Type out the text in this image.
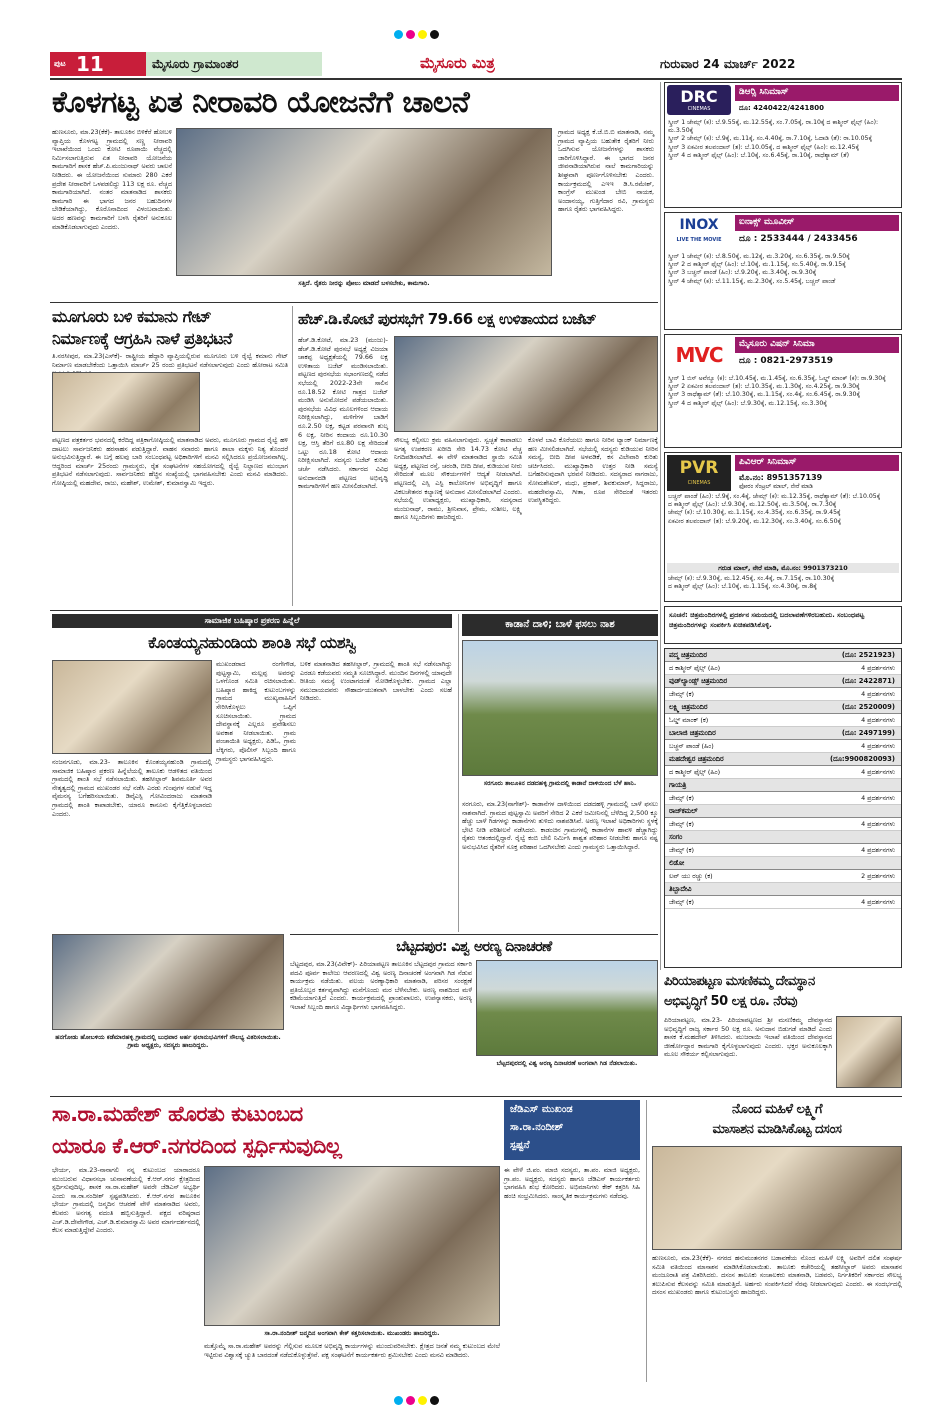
ಪುಟ 11	ಮೈಸೂರು ಗ್ರಾಮಾಂತರ	ಮೈಸೂರು ಮಿತ್ರ	ಗುರುವಾರ 24 ಮಾರ್ಚ್ 2022
ಕೊಳಗಟ್ಟ ಏತ ನೀರಾವರಿ ಯೋಜನೆಗೆ ಚಾಲನೆ
ಹುಣಸೂರು, ಮಾ.23(ಕೆಕೆ)- ತಾಲೂಕಿನ ಬಿಳಿಕೆರೆ ಹೋಬಳಿ ವ್ಯಾಪ್ತಿಯ ಕೊಳಗಟ್ಟ ಗ್ರಾಮದಲ್ಲಿ ಸಣ್ಣ ನೀರಾವರಿ ಇಲಾಖೆಯಿಂದ ಒಂದು ಕೋಟಿ ರೂಪಾಯಿ ವೆಚ್ಚದಲ್ಲಿ ನಿರ್ಮಿಸಲಾಗುತ್ತಿರುವ ಏತ ನೀರಾವರಿ ಯೋಜನೆಯ ಕಾಮಗಾರಿಗೆ ಶಾಸಕ ಹೆಚ್.ಪಿ.ಮಂಜುನಾಥ್ ಅವರು ಚಾಲನೆ ನೀಡಿದರು. ಈ ಯೋಜನೆಯಿಂದ ಸುಮಾರು 280 ಎಕರೆ ಪ್ರದೇಶ ನೀರಾವರಿಗೆ ಒಳಪಡಲಿದ್ದು 113 ಲಕ್ಷ ರೂ. ವೆಚ್ಚದ ಕಾಮಗಾರಿಯಾಗಿದೆ. ನಂತರ ಮಾತನಾಡಿದ ಶಾಸಕರು ಕಾಮಗಾರಿ ಈ ಭಾಗದ ಜನರ ಬಹುದಿನಗಳ ಬೇಡಿಕೆಯಾಗಿದ್ದು, ಕೊರೊನಾದಿಂದ ವಿಳಂಬವಾಯಿತು. ಅದರ ಹಣವನ್ನು ಕಾಮಗಾರಿಗೆ ಬಳಸಿ ರೈತರಿಗೆ ಅನುಕೂಲ ಮಾಡಿಕೊಡಲಾಗುವುದು ಎಂದರು.
ಸತ್ತಿದೆ. ರೈತರು ನೀರನ್ನು ಪೋಲು ಮಾಡದೆ ಬಳಸಬೇಕು, ಕಾಮಗಾರಿ.
ಗ್ರಾಮದ ಅಧ್ಯಕ್ಷ ಕೆ.ಜೆ.ಬಿ.ಬಿ ಮಾತನಾಡಿ, ನಮ್ಮ ಗ್ರಾಮದ ವ್ಯಾಪ್ತಿಯ ಬಹುತೇಕ ರೈತರಿಗೆ ನೀರು ಒದಗಿಸುವ ಯೋಜನೆಗಳನ್ನು ಶಾಸಕರು ಜಾರಿಗೊಳಿಸಿದ್ದಾರೆ. ಈ ಭಾಗದ ಜನರ ಜೀವನಾಡಿಯಾಗಿರುವ ನಾಲೆ ಕಾಮಗಾರಿಯನ್ನು ಶೀಘ್ರವಾಗಿ ಪೂರ್ಣಗೊಳಿಸಬೇಕು ಎಂದರು. ಕಾರ್ಯಕ್ರಮದಲ್ಲಿ ಎಇಇ ಡಿ.ಸಿ.ರಮೇಶ್, ಕಾಂಗ್ರೆಸ್ ಮುಖಂಡ ಬೇಬಿ ನಾಯಕ, ಅಂದಾನಯ್ಯ, ಗುತ್ತಿಗೆದಾರ ರವಿ, ಗ್ರಾಮಸ್ಥರು ಹಾಗೂ ರೈತರು ಭಾಗವಹಿಸಿದ್ದರು.
ಮೂಗೂರು ಬಳಿ ಕಮಾನು ಗೇಟ್
ನಿರ್ಮಾಣಕ್ಕೆ ಆಗ್ರಹಿಸಿ ನಾಳೆ ಪ್ರತಿಭಟನೆ
ತಿ.ನರಸೀಪುರ, ಮಾ.23(ಎಸ್‍ಕೆ)- ರಾಷ್ಟ್ರೀಯ ಹೆದ್ದಾರಿ ವ್ಯಾಪ್ತಿಯಲ್ಲಿರುವ ಮೂಗೂರು ಬಳಿ ರೈಲ್ವೆ ಕಮಾನು ಗೇಟ್ ನಿರ್ಮಾಣ ಮಾಡಬೇಕೆಂದು ಒತ್ತಾಯಿಸಿ ಮಾರ್ಚ್ 25 ರಂದು ಪ್ರತಿಭಟನೆ ನಡೆಸಲಾಗುವುದು ಎಂದು ಹೋರಾಟ ಸಮಿತಿ
ಪಟ್ಟಣದ ಪತ್ರಕರ್ತರ ಭವನದಲ್ಲಿ ಕರೆದಿದ್ದ ಪತ್ರಿಕಾಗೋಷ್ಠಿಯಲ್ಲಿ ಮಾತನಾಡಿದ ಅವರು, ಮೂಗೂರು ಗ್ರಾಮದ ರೈಲ್ವೆ ಹಳಿ ದಾಟಲು ಸಾರ್ವಜನಿಕರು ಹರಸಾಹಸ ಪಡುತ್ತಿದ್ದಾರೆ. ವಾಹನ ಸವಾರರು ಹಾಗೂ ಶಾಲಾ ಮಕ್ಕಳು ನಿತ್ಯ ತೊಂದರೆ ಅನುಭವಿಸುತ್ತಿದ್ದಾರೆ. ಈ ಬಗ್ಗೆ ಹಲವು ಬಾರಿ ಸಂಬಂಧಪಟ್ಟ ಅಧಿಕಾರಿಗಳಿಗೆ ಮನವಿ ಸಲ್ಲಿಸಿದರೂ ಪ್ರಯೋಜನವಾಗಿಲ್ಲ. ಆದ್ದರಿಂದ ಮಾರ್ಚ್ 25ರಂದು ಗ್ರಾಮಸ್ಥರು, ರೈತ ಸಂಘಟನೆಗಳ ಸಹಯೋಗದಲ್ಲಿ ರೈಲ್ವೆ ನಿಲ್ದಾಣದ ಮುಂಭಾಗ ಪ್ರತಿಭಟನೆ ನಡೆಸಲಾಗುವುದು. ಸಾರ್ವಜನಿಕರು ಹೆಚ್ಚಿನ ಸಂಖ್ಯೆಯಲ್ಲಿ ಭಾಗವಹಿಸಬೇಕು ಎಂದು ಮನವಿ ಮಾಡಿದರು. ಗೋಷ್ಠಿಯಲ್ಲಿ ಮಹದೇವ, ರಾಜು, ಮಹೇಶ್, ಉಮೇಶ್, ಕುಮಾರಸ್ವಾಮಿ ಇದ್ದರು.
ಹೆಚ್.ಡಿ.ಕೋಟೆ ಪುರಸಭೆಗೆ 79.66 ಲಕ್ಷ ಉಳಿತಾಯದ ಬಜೆಟ್
ಹೆಚ್.ಡಿ.ಕೋಟೆ, ಮಾ.23 (ಮಂಜು)- ಹೆಚ್.ಡಿ.ಕೋಟೆ ಪುರಸಭೆ ಅಧ್ಯಕ್ಷೆ ವಿಜಯಾ ಚಾಕಪ್ಪ ಅಧ್ಯಕ್ಷತೆಯಲ್ಲಿ 79.66 ಲಕ್ಷ ಉಳಿತಾಯ ಬಜೆಟ್ ಮಂಡಿಸಲಾಯಿತು. ಪಟ್ಟಣದ ಪುರಸಭೆಯ ಸಭಾಂಗಣದಲ್ಲಿ ನಡೆದ ಸಭೆಯಲ್ಲಿ 2022-23ನೇ ಸಾಲಿನ ರೂ.18.52 ಕೋಟಿ ಗಾತ್ರದ ಬಜೆಟ್ ಮಂಡಿಸಿ ಅನುಮೋದನೆ ಪಡೆಯಲಾಯಿತು. ಪುರಸಭೆಯ ವಿವಿಧ ಮೂಲಗಳಿಂದ ಆದಾಯ ನಿರೀಕ್ಷಿಸಲಾಗಿದ್ದು, ಮಳಿಗೆಗಳ ಬಾಡಿಗೆ ರೂ.2.50 ಲಕ್ಷ, ಕಟ್ಟಡ ಪರವಾನಗಿ ಶುಲ್ಕ 6 ಲಕ್ಷ, ನೀರಿನ ಕಂದಾಯ ರೂ.10.30 ಲಕ್ಷ, ಆಸ್ತಿ ತೆರಿಗೆ ರೂ.80 ಲಕ್ಷ ಸೇರಿದಂತೆ ಒಟ್ಟು ರೂ.18 ಕೋಟಿ ಆದಾಯ ನಿರೀಕ್ಷಿಸಲಾಗಿದೆ. ಸದಸ್ಯರು ಬಜೆಟ್ ಕುರಿತು ಚರ್ಚೆ ನಡೆಸಿದರು. ಸರ್ಕಾರದ ವಿವಿಧ ಅನುದಾನದಡಿ ಪಟ್ಟಣದ ಅಭಿವೃದ್ಧಿ ಕಾಮಗಾರಿಗಳಿಗೆ ಹಣ ಮೀಸಲಿಡಲಾಗಿದೆ.
ಸೌಲಭ್ಯ ಕಲ್ಪಿಸಲು ಕ್ರಮ ವಹಿಸಲಾಗುವುದು. ಸ್ವಚ್ಛತೆ ಕಾಪಾಡಲು ಅಗತ್ಯ ಉಪಕರಣ ಖರೀದಿ ಸೇರಿ 14.73 ಕೋಟಿ ವೆಚ್ಚ ನಿಗದಿಪಡಿಸಲಾಗಿದೆ. ಈ ವೇಳೆ ಮಾತನಾಡಿದ ಸ್ಥಾಯಿ ಸಮಿತಿ ಅಧ್ಯಕ್ಷ, ಪಟ್ಟಣದ ರಸ್ತೆ, ಚರಂಡಿ, ಬೀದಿ ದೀಪ, ಕುಡಿಯುವ ನೀರು ಸೇರಿದಂತೆ ಮೂಲ ಸೌಕರ್ಯಗಳಿಗೆ ಆದ್ಯತೆ ನೀಡಲಾಗಿದೆ. ಪಟ್ಟಣದಲ್ಲಿ ಎಸ್ಸಿ ಎಸ್ಟಿ ಕಾಲೋನಿಗಳ ಅಭಿವೃದ್ಧಿಗೆ ಹಾಗೂ ವಿಕಲಚೇತನರ ಕಲ್ಯಾಣಕ್ಕೆ ಅನುದಾನ ಮೀಸಲಿಡಲಾಗಿದೆ ಎಂದರು. ಸಭೆಯಲ್ಲಿ ಉಪಾಧ್ಯಕ್ಷರು, ಮುಖ್ಯಾಧಿಕಾರಿ, ಸದಸ್ಯರಾದ ಮಂಜುನಾಥ್, ರಾಮು, ಶ್ರೀನಿವಾಸ, ಪ್ರೇಮ, ಸುಶೀಲ, ಲಕ್ಷ್ಮಿ ಹಾಗೂ ಸಿಬ್ಬಂದಿಗಳು ಹಾಜರಿದ್ದರು.
ಕೊಳವೆ ಬಾವಿ ಕೊರೆಯಲು ಹಾಗೂ ನೀರಿನ ಟ್ಯಾಂಕ್ ನಿರ್ಮಾಣಕ್ಕೆ ಹಣ ಮೀಸಲಿಡಲಾಗಿದೆ. ಸಭೆಯಲ್ಲಿ ಸದಸ್ಯರು ಕುಡಿಯುವ ನೀರಿನ ಸಮಸ್ಯೆ, ಬೀದಿ ದೀಪ ಅಳವಡಿಕೆ, ಕಸ ವಿಲೇವಾರಿ ಕುರಿತು ಚರ್ಚಿಸಿದರು. ಮುಖ್ಯಾಧಿಕಾರಿ ಉತ್ತರ ನೀಡಿ ಸಮಸ್ಯೆ ಬಗೆಹರಿಸುವುದಾಗಿ ಭರವಸೆ ನೀಡಿದರು. ಸದಸ್ಯರಾದ ನಾಗರಾಜು, ಸೋಮಶೇಖರ್, ಮಧು, ಪ್ರಕಾಶ್, ಶಿವಕುಮಾರ್, ಸಿದ್ದರಾಜು, ಮಹದೇವಸ್ವಾಮಿ, ಗೀತಾ, ರೂಪ ಸೇರಿದಂತೆ ಇತರರು ಉಪಸ್ಥಿತರಿದ್ದರು.
ಸಾಮಾಜಿಕ ಬಹಿಷ್ಕಾರ ಪ್ರಕರಣ ಹಿನ್ನೆಲೆ
ಕೊಂತಯ್ಯನಹುಂಡಿಯ ಶಾಂತಿ ಸಭೆ ಯಶಸ್ವಿ
ನಂಜನಗೂಡು, ಮಾ.23- ತಾಲೂಕಿನ ಕೊಂತಯ್ಯನಹುಂಡಿ ಗ್ರಾಮದಲ್ಲಿ ಸಾಮಾಜಿಕ ಬಹಿಷ್ಕಾರ ಪ್ರಕರಣ ಹಿನ್ನೆಲೆಯಲ್ಲಿ ತಾಲೂಕು ಆಡಳಿತದ ವತಿಯಿಂದ ಗ್ರಾಮದಲ್ಲಿ ಶಾಂತಿ ಸಭೆ ನಡೆಸಲಾಯಿತು. ತಹಸೀಲ್ದಾರ್ ಶಿವಮೂರ್ತಿ ಅವರ ನೇತೃತ್ವದಲ್ಲಿ ಗ್ರಾಮದ ಮುಖಂಡರ ಸಭೆ ನಡೆಸಿ ಎರಡು ಗುಂಪುಗಳ ನಡುವೆ ಇದ್ದ ವೈಮನಸ್ಯ ಬಗೆಹರಿಸಲಾಯಿತು. ಡಿವೈಎಸ್ಪಿ ಗೋವಿಂದರಾಜು ಮಾತನಾಡಿ ಗ್ರಾಮದಲ್ಲಿ ಶಾಂತಿ ಕಾಪಾಡಬೇಕು, ಯಾರೂ ಕಾನೂನು ಕೈಗೆತ್ತಿಕೊಳ್ಳಬಾರದು ಎಂದರು.
ಮುಖಂಡರಾದ ರಂಗೇಗೌಡ, ಪುಟ್ಟಸ್ವಾಮಿ, ಮಲ್ಲಪ್ಪ ಅವರನ್ನು ಒಳಗೊಂಡ ಸಮಿತಿ ರಚಿಸಲಾಯಿತು. ಬಹಿಷ್ಕಾರ ಹಾಕಿದ್ದ ಕುಟುಂಬಗಳನ್ನು ಗ್ರಾಮದ ಮುಖ್ಯವಾಹಿನಿಗೆ ಸೇರಿಸಿಕೊಳ್ಳಲು ಒಪ್ಪಿಗೆ ಸೂಚಿಸಲಾಯಿತು. ಗ್ರಾಮದ ದೇವಸ್ಥಾನಕ್ಕೆ ಎಲ್ಲರೂ ಪ್ರವೇಶಿಸಲು ಅವಕಾಶ ನೀಡಲಾಯಿತು. ಗ್ರಾಮ ಪಂಚಾಯಿತಿ ಅಧ್ಯಕ್ಷರು, ಪಿಡಿಓ, ಗ್ರಾಮ ಲೆಕ್ಕಿಗರು, ಪೊಲೀಸ್ ಸಿಬ್ಬಂದಿ ಹಾಗೂ ಗ್ರಾಮಸ್ಥರು ಭಾಗವಹಿಸಿದ್ದರು.
ಬಳಿಕ ಮಾತನಾಡಿದ ತಹಸೀಲ್ದಾರ್, ಗ್ರಾಮದಲ್ಲಿ ಶಾಂತಿ ಸಭೆ ನಡೆಸಲಾಗಿದ್ದು ಎರಡೂ ಕಡೆಯವರು ಸಮ್ಮತಿ ಸೂಚಿಸಿದ್ದಾರೆ. ಮುಂದಿನ ದಿನಗಳಲ್ಲಿ ಯಾವುದೇ ರೀತಿಯ ಸಮಸ್ಯೆ ಉಂಟಾಗದಂತೆ ನೋಡಿಕೊಳ್ಳಬೇಕು. ಗ್ರಾಮದ ಎಲ್ಲಾ ಸಮುದಾಯದವರು ಸೌಹಾರ್ದಯುತವಾಗಿ ಬಾಳಬೇಕು ಎಂದು ಸಲಹೆ ನೀಡಿದರು.
ಹನಗೋಡು ಹೋಬಳಿಯ ಕಡೆಮಾರಹಳ್ಳಿ ಗ್ರಾಮದಲ್ಲಿ ಬುಧವಾರ ಅರ್ಹ ಫಲಾನುಭವಿಗಳಿಗೆ ಸೌಲಭ್ಯ ವಿತರಿಸಲಾಯಿತು. ಗ್ರಾಮ ಅಧ್ಯಕ್ಷರು, ಸದಸ್ಯರು ಹಾಜರಿದ್ದರು.
ಕಾಡಾನೆ ದಾಳಿ; ಬಾಳೆ ಫಸಲು ನಾಶ
ಸರಗೂರು ತಾಲೂಕಿನ ದಡದಹಳ್ಳಿ ಗ್ರಾಮದಲ್ಲಿ ಕಾಡಾನೆ ದಾಳಿಯಿಂದ ಬೆಳೆ ಹಾನಿ.
ಸರಗೂರು, ಮಾ.23(ನಾಗೇಶ್)- ಕಾಡಾನೆಗಳ ದಾಳಿಯಿಂದ ದಡದಹಳ್ಳಿ ಗ್ರಾಮದಲ್ಲಿ ಬಾಳೆ ಫಸಲು ನಾಶವಾಗಿದೆ. ಗ್ರಾಮದ ಪುಟ್ಟಸ್ವಾಮಿ ಅವರಿಗೆ ಸೇರಿದ 2 ಎಕರೆ ಜಮೀನಿನಲ್ಲಿ ಬೆಳೆದಿದ್ದ 2,500 ಕ್ಕೂ ಹೆಚ್ಚು ಬಾಳೆ ಗಿಡಗಳನ್ನು ಕಾಡಾನೆಗಳು ತುಳಿದು ನಾಶಪಡಿಸಿವೆ. ಅರಣ್ಯ ಇಲಾಖೆ ಅಧಿಕಾರಿಗಳು ಸ್ಥಳಕ್ಕೆ ಭೇಟಿ ನೀಡಿ ಪರಿಶೀಲನೆ ನಡೆಸಿದರು. ಕಾಡಂಚಿನ ಗ್ರಾಮಗಳಲ್ಲಿ ಕಾಡಾನೆಗಳ ಹಾವಳಿ ಹೆಚ್ಚಾಗಿದ್ದು ರೈತರು ಆತಂಕದಲ್ಲಿದ್ದಾರೆ. ರೈಲ್ವೆ ಕಂಬಿ ಬೇಲಿ ನಿರ್ಮಿಸಿ ಶಾಶ್ವತ ಪರಿಹಾರ ನೀಡಬೇಕು ಹಾಗೂ ನಷ್ಟ ಅನುಭವಿಸಿದ ರೈತರಿಗೆ ಸೂಕ್ತ ಪರಿಹಾರ ಒದಗಿಸಬೇಕು ಎಂದು ಗ್ರಾಮಸ್ಥರು ಒತ್ತಾಯಿಸಿದ್ದಾರೆ.
ಬೆಟ್ಟದಪುರ: ವಿಶ್ವ ಅರಣ್ಯ ದಿನಾಚರಣೆ
ಬೆಟ್ಟದಪುರ, ಮಾ.23(ವಿವೇಕ್)- ಪಿರಿಯಾಪಟ್ಟಣ ತಾಲೂಕಿನ ಬೆಟ್ಟದಪುರ ಗ್ರಾಮದ ಸರ್ಕಾರಿ ಪದವಿ ಪೂರ್ವ ಕಾಲೇಜು ಆವರಣದಲ್ಲಿ ವಿಶ್ವ ಅರಣ್ಯ ದಿನಾಚರಣೆ ಅಂಗವಾಗಿ ಗಿಡ ನೆಡುವ ಕಾರ್ಯಕ್ರಮ ನಡೆಯಿತು. ವಲಯ ಅರಣ್ಯಾಧಿಕಾರಿ ಮಾತನಾಡಿ, ಪರಿಸರ ಸಂರಕ್ಷಣೆ ಪ್ರತಿಯೊಬ್ಬರ ಕರ್ತವ್ಯವಾಗಿದ್ದು ಮನೆಗೊಂದು ಮರ ಬೆಳೆಸಬೇಕು. ಅರಣ್ಯ ನಾಶದಿಂದ ಮಳೆ ಕಡಿಮೆಯಾಗುತ್ತಿದೆ ಎಂದರು. ಕಾರ್ಯಕ್ರಮದಲ್ಲಿ ಪ್ರಾಂಶುಪಾಲರು, ಉಪನ್ಯಾಸಕರು, ಅರಣ್ಯ ಇಲಾಖೆ ಸಿಬ್ಬಂದಿ ಹಾಗೂ ವಿದ್ಯಾರ್ಥಿಗಳು ಭಾಗವಹಿಸಿದ್ದರು.
ಬೆಟ್ಟದಪುರದಲ್ಲಿ ವಿಶ್ವ ಅರಣ್ಯ ದಿನಾಚರಣೆ ಅಂಗವಾಗಿ ಗಿಡ ನೆಡಲಾಯಿತು.
ಪಿರಿಯಾಪಟ್ಟಣ ಮಸಣಿಕಮ್ಮ ದೇವಸ್ಥಾನ
ಅಭಿವೃದ್ಧಿಗೆ 50 ಲಕ್ಷ ರೂ. ನೆರವು
ಪಿರಿಯಾಪಟ್ಟಣ, ಮಾ.23- ಪಿರಿಯಾಪಟ್ಟಣದ ಶ್ರೀ ಮಸಣಿಕಮ್ಮ ದೇವಸ್ಥಾನದ ಅಭಿವೃದ್ಧಿಗೆ ರಾಜ್ಯ ಸರ್ಕಾರ 50 ಲಕ್ಷ ರೂ. ಅನುದಾನ ಬಿಡುಗಡೆ ಮಾಡಿದೆ ಎಂದು ಶಾಸಕ ಕೆ.ಮಹದೇವ್ ತಿಳಿಸಿದರು. ಮುಜರಾಯಿ ಇಲಾಖೆ ವತಿಯಿಂದ ದೇವಸ್ಥಾನದ ಜೀರ್ಣೋದ್ಧಾರ ಕಾಮಗಾರಿ ಕೈಗೊಳ್ಳಲಾಗುವುದು ಎಂದರು. ಭಕ್ತರ ಅನುಕೂಲಕ್ಕಾಗಿ ಮೂಲ ಸೌಕರ್ಯ ಕಲ್ಪಿಸಲಾಗುವುದು.
ಸಾ.ರಾ.ಮಹೇಶ್ ಹೊರತು ಕುಟುಂಬದ
ಯಾರೂ ಕೆ.ಆರ್.ನಗರದಿಂದ ಸ್ಪರ್ಧಿಸುವುದಿಲ್ಲ
ಜೆಡಿಎಸ್ ಮುಖಂಡ
ಸಾ.ರಾ.ನಂದೀಶ್
ಸ್ಪಷ್ಟನೆ
ಭೇರ್ಯ, ಮಾ.23-ನಾನಾಗಲಿ ನನ್ನ ಕುಟುಂಬದ ಯಾರಾದರೂ ಮುಂಬರುವ ವಿಧಾನಸಭಾ ಚುನಾವಣೆಯಲ್ಲಿ ಕೆ.ಆರ್.ನಗರ ಕ್ಷೇತ್ರದಿಂದ ಸ್ಪರ್ಧಿಸುವುದಿಲ್ಲ, ಶಾಸಕ ಸಾ.ರಾ.ಮಹೇಶ್ ಅವರೇ ಜೆಡಿಎಸ್ ಅಭ್ಯರ್ಥಿ ಎಂದು ಸಾ.ರಾ.ನಂದೀಶ್ ಸ್ಪಷ್ಟಪಡಿಸಿದರು. ಕೆ.ಆರ್.ನಗರ ತಾಲೂಕಿನ ಭೇರ್ಯ ಗ್ರಾಮದಲ್ಲಿ ಜನ್ಮದಿನ ಆಚರಣೆ ವೇಳೆ ಮಾತನಾಡಿದ ಅವರು, ಕೆಲವರು ಅನಗತ್ಯ ವದಂತಿ ಹಬ್ಬಿಸುತ್ತಿದ್ದಾರೆ. ಪಕ್ಷದ ವರಿಷ್ಠರಾದ ಎಚ್.ಡಿ.ದೇವೇಗೌಡ, ಎಚ್.ಡಿ.ಕುಮಾರಸ್ವಾಮಿ ಅವರ ಮಾರ್ಗದರ್ಶನದಲ್ಲಿ ಕೆಲಸ ಮಾಡುತ್ತಿದ್ದೇವೆ ಎಂದರು.
ಸಾ.ರಾ.ನಂದೀಶ್ ಜನ್ಮದಿನ ಅಂಗವಾಗಿ ಕೇಕ್ ಕತ್ತರಿಸಲಾಯಿತು. ಮುಖಂಡರು ಹಾಜರಿದ್ದರು.
ಮತ್ತೊಮ್ಮೆ ಸಾ.ರಾ.ಮಹೇಶ್ ಅವರನ್ನು ಗೆಲ್ಲಿಸುವ ಮೂಲಕ ಅಭಿವೃದ್ಧಿ ಕಾರ್ಯಗಳನ್ನು ಮುಂದುವರಿಸಬೇಕು. ಕ್ಷೇತ್ರದ ಜನತೆ ನಮ್ಮ ಕುಟುಂಬದ ಮೇಲೆ ಇಟ್ಟಿರುವ ವಿಶ್ವಾಸಕ್ಕೆ ಚ್ಯುತಿ ಬಾರದಂತೆ ನಡೆದುಕೊಳ್ಳುತ್ತೇವೆ. ಪಕ್ಷ ಸಂಘಟನೆಗೆ ಕಾರ್ಯಕರ್ತರು ಶ್ರಮಿಸಬೇಕು ಎಂದು ಮನವಿ ಮಾಡಿದರು.
ಈ ವೇಳೆ ಜಿ.ಪಂ. ಮಾಜಿ ಸದಸ್ಯರು, ತಾ.ಪಂ. ಮಾಜಿ ಅಧ್ಯಕ್ಷರು, ಗ್ರಾ.ಪಂ. ಅಧ್ಯಕ್ಷರು, ಸದಸ್ಯರು ಹಾಗೂ ಜೆಡಿಎಸ್ ಕಾರ್ಯಕರ್ತರು ಭಾಗವಹಿಸಿ ಶುಭ ಕೋರಿದರು. ಅಭಿಮಾನಿಗಳು ಕೇಕ್ ಕತ್ತರಿಸಿ ಸಿಹಿ ಹಂಚಿ ಸಂಭ್ರಮಿಸಿದರು. ಸಾಂಸ್ಕೃತಿಕ ಕಾರ್ಯಕ್ರಮಗಳು ನಡೆದವು.
ನೊಂದ ಮಹಿಳೆ ಲಕ್ಷ್ಮಿಗೆ
ಮಾಸಾಶನ ಮಾಡಿಸಿಕೊಟ್ಟ ದಸಂಸ
ಹುಣಸೂರು, ಮಾ.23(ಕೆಕೆ)- ನಗರದ ಹನುಮಂತನಗರ ಬಡಾವಣೆಯ ನೊಂದ ಮಹಿಳೆ ಲಕ್ಷ್ಮಿ ಅವರಿಗೆ ದಲಿತ ಸಂಘರ್ಷ ಸಮಿತಿ ವತಿಯಿಂದ ಮಾಸಾಶನ ಮಾಡಿಸಿಕೊಡಲಾಯಿತು. ತಾಲೂಕು ಕಚೇರಿಯಲ್ಲಿ ತಹಸೀಲ್ದಾರ್ ಅವರು ಮಾಸಾಶನ ಮಂಜೂರಾತಿ ಪತ್ರ ವಿತರಿಸಿದರು. ದಸಂಸ ತಾಲೂಕು ಸಂಚಾಲಕರು ಮಾತನಾಡಿ, ಬಡವರು, ನಿರ್ಗತಿಕರಿಗೆ ಸರ್ಕಾರದ ಸೌಲಭ್ಯ ತಲುಪಿಸುವ ಕೆಲಸವನ್ನು ಸಮಿತಿ ಮಾಡುತ್ತಿದೆ. ಅರ್ಹರು ಸಂಪರ್ಕಿಸಿದರೆ ನೆರವು ನೀಡಲಾಗುವುದು ಎಂದರು. ಈ ಸಂದರ್ಭದಲ್ಲಿ ದಸಂಸ ಮುಖಂಡರು ಹಾಗೂ ಕುಟುಂಬಸ್ಥರು ಹಾಜರಿದ್ದರು.
DRC
CINEMAS
ಡಿಆರ್‍ಸಿ ಸಿನಿಮಾಸ್
ದೂ: 4240422/4241800
ಸ್ಕ್ರೀನ್ 1 ಜೇಮ್ಸ್ (ಕ): ಬೆ.9.55ಕ್ಕೆ, ಮ.12.55ಕ್ಕೆ, ಸಂ.7.05ಕ್ಕೆ, ರಾ.10ಕ್ಕೆ ದ ಕಾಶ್ಮೀರ್ ಫೈಲ್ಸ್ (ಹಿಂ): ಮ.3.50ಕ್ಕೆ
ಸ್ಕ್ರೀನ್ 2 ಜೇಮ್ಸ್ (ಕ): ಬೆ.9ಕ್ಕೆ, ಮ.11ಕ್ಕೆ, ಸಂ.4.40ಕ್ಕೆ, ರಾ.7.10ಕ್ಕೆ, ಓದಾಡಿ (ತೆ): ರಾ.10.05ಕ್ಕೆ
ಸ್ಕ್ರೀನ್ 3 ಏಕವೀರ ತಲವಂದಾನ್ (ತ): ಬೆ.10.05ಕ್ಕೆ, ದ ಕಾಶ್ಮೀರ್ ಫೈಲ್ಸ್ (ಹಿಂ): ಮ.12.45ಕ್ಕೆ
ಸ್ಕ್ರೀನ್ 4 ದ ಕಾಶ್ಮೀರ್ ಫೈಲ್ಸ್ (ಹಿಂ): ಬೆ.10ಕ್ಕೆ, ಸಂ.6.45ಕ್ಕೆ, ರಾ.10ಕ್ಕೆ, ರಾಧೆಶ್ಯಾಮ್ (ತೆ)
INOX
LIVE THE MOVIE
ಐನಾಕ್ಸ್ ಮೂವೀಸ್
ದೂ : 2533444 / 2433456
ಸ್ಕ್ರೀನ್ 1 ಜೇಮ್ಸ್ (ಕ): ಬೆ.8.50ಕ್ಕೆ, ಮ.12ಕ್ಕೆ, ಮ.3.20ಕ್ಕೆ, ಸಂ.6.35ಕ್ಕೆ, ರಾ.9.50ಕ್ಕೆ
ಸ್ಕ್ರೀನ್ 2 ದ ಕಾಶ್ಮೀರ್ ಫೈಲ್ಸ್ (ಹಿಂ): ಬೆ.10ಕ್ಕೆ, ಮ.1.15ಕ್ಕೆ, ಸಂ.5.40ಕ್ಕೆ, ರಾ.9.15ಕ್ಕೆ
ಸ್ಕ್ರೀನ್ 3 ಬಚ್ಚನ್ ಪಾಂಡೆ (ಹಿಂ): ಬೆ.9.20ಕ್ಕೆ, ಮ.3.40ಕ್ಕೆ, ರಾ.9.30ಕ್ಕೆ
ಸ್ಕ್ರೀನ್ 4 ಜೇಮ್ಸ್ (ಕ): ಬೆ.11.15ಕ್ಕೆ, ಮ.2.30ಕ್ಕೆ, ಸಂ.5.45ಕ್ಕೆ, ಬಚ್ಚನ್ ಪಾಂಡೆ
MVC	ಮೈಸೂರು ವಿಷನ್ ಸಿನಿಮಾ
ದೂ : 0821-2973519
ಸ್ಕ್ರೀನ್ 1 ಬಿಸ್ ಅವೆನ್ಯೂ (ಕ): ಬೆ.10.45ಕ್ಕೆ, ಮ.1.45ಕ್ಕೆ, ಸಂ.6.35ಕ್ಕೆ, ಓಲ್ಡ್ ಮಾಂಕ್ (ಕ): ರಾ.9.30ಕ್ಕೆ
ಸ್ಕ್ರೀನ್ 2 ಏಕವೀರ ತಲವಂದಾನ್ (ತ): ಬೆ.10.35ಕ್ಕೆ, ಮ.1.30ಕ್ಕೆ, ಸಂ.4.25ಕ್ಕೆ, ರಾ.9.30ಕ್ಕೆ
ಸ್ಕ್ರೀನ್ 3 ರಾಧೆಶ್ಯಾಮ್ (ತೆ): ಬೆ.10.30ಕ್ಕೆ, ಮ.1.15ಕ್ಕೆ, ಸಂ.4ಕ್ಕೆ, ಸಂ.6.45ಕ್ಕೆ, ರಾ.9.30ಕ್ಕೆ
ಸ್ಕ್ರೀನ್ 4 ದ ಕಾಶ್ಮೀರ್ ಫೈಲ್ಸ್ (ಹಿಂ): ಬೆ.9.30ಕ್ಕೆ, ಮ.12.15ಕ್ಕೆ, ಸಂ.3.30ಕ್ಕೆ
PVR
CINEMAS
ಪಿವಿಆರ್ ಸಿನಿಮಾಸ್
ಮೊ.ನಂ: 8951357139
ಫೋರಂ ಸೆಂಟ್ರಲ್ ಮಾಲ್, ನೇರೆ ಮಾಡಿ
ಬಚ್ಚನ್ ಪಾಂಡೆ (ಹಿಂ): ಬೆ.9ಕ್ಕೆ, ಸಂ.4ಕ್ಕೆ, ಜೇಮ್ಸ್ (ಕ): ಮ.12.35ಕ್ಕೆ, ರಾಧೆಶ್ಯಾಮ್ (ತೆ): ಬೆ.10.05ಕ್ಕೆ
ದ ಕಾಶ್ಮೀರ್ ಫೈಲ್ಸ್ (ಹಿಂ): ಬೆ.9.30ಕ್ಕೆ, ಮ.12.50ಕ್ಕೆ, ಮ.3.50ಕ್ಕೆ, ರಾ.7.30ಕ್ಕೆ
ಜೇಮ್ಸ್ (ಕ): ಬೆ.10.30ಕ್ಕೆ, ಮ.1.15ಕ್ಕೆ, ಸಂ.4.35ಕ್ಕೆ, ಸಂ.6.35ಕ್ಕೆ, ರಾ.9.45ಕ್ಕೆ
ಏಕವೀರ ತಲವಂದಾನ್ (ತ): ಬೆ.9.20ಕ್ಕೆ, ಮ.12.30ಕ್ಕೆ, ಸಂ.3.40ಕ್ಕೆ, ಸಂ.6.50ಕ್ಕೆ
ಗರುಡ ಮಾಲ್, ನೇರೆ ಮಾಡಿ, ಮೊ.ನಂ: 9901373210
ಜೇಮ್ಸ್ (ಕ): ಬೆ.9.30ಕ್ಕೆ, ಮ.12.45ಕ್ಕೆ, ಸಂ.4ಕ್ಕೆ, ರಾ.7.15ಕ್ಕೆ, ರಾ.10.30ಕ್ಕೆ
ದ ಕಾಶ್ಮೀರ್ ಫೈಲ್ಸ್ (ಹಿಂ): ಬೆ.10ಕ್ಕೆ, ಮ.1.15ಕ್ಕೆ, ಸಂ.4.30ಕ್ಕೆ, ರಾ.8ಕ್ಕೆ
ಸೂಚನೆ: ಚಿತ್ರಮಂದಿರಗಳಲ್ಲಿ ಪ್ರದರ್ಶನ ಸಮಯದಲ್ಲಿ ಬದಲಾವಣೆಗಳಿರಬಹುದು. ಸಂಬಂಧಪಟ್ಟ ಚಿತ್ರಮಂದಿರಗಳನ್ನು ಸಂಪರ್ಕಿಸಿ ಖಚಿತಪಡಿಸಿಕೊಳ್ಳಿ.
ಪದ್ಮ ಚಿತ್ರಮಂದಿರ	(ದೂ: 2521923)
ದ ಕಾಶ್ಮೀರ್ ಫೈಲ್ಸ್ (ಹಿಂ)	4 ಪ್ರದರ್ಶನಗಳು
ವುಡ್‍ಲ್ಯಾಂಡ್ಸ್ ಚಿತ್ರಮಂದಿರ	(ದೂ: 2422871)
ಜೇಮ್ಸ್ (ಕ)	4 ಪ್ರದರ್ಶನಗಳು
ಲಕ್ಷ್ಮಿ ಚಿತ್ರಮಂದಿರ	(ದೂ: 2520009)
ಓಲ್ಡ್ ಮಾಂಕ್ (ಕ)	4 ಪ್ರದರ್ಶನಗಳು
ಬಾಲಾಜಿ ಚಿತ್ರಮಂದಿರ	(ದೂ: 2497199)
ಬಚ್ಚನ್ ಪಾಂಡೆ (ಹಿಂ)	4 ಪ್ರದರ್ಶನಗಳು
ಮಹದೇಶ್ವರ ಚಿತ್ರಮಂದಿರ	(ದೂ:9900820093)
ದ ಕಾಶ್ಮೀರ್ ಫೈಲ್ಸ್ (ಹಿಂ)	4 ಪ್ರದರ್ಶನಗಳು
ಗಾಯತ್ರಿ
ಜೇಮ್ಸ್ (ಕ)	4 ಪ್ರದರ್ಶನಗಳು
ರಾಜ್‍ಕಮಲ್
ಜೇಮ್ಸ್ (ಕ)	4 ಪ್ರದರ್ಶನಗಳು
ಸಂಗಂ
ಜೇಮ್ಸ್ (ಕ)	4 ಪ್ರದರ್ಶನಗಳು
ಲಿಡೋ
ಲವ್ ಯು ರಚ್ಚು (ಕ)	2 ಪ್ರದರ್ಶನಗಳು
ತಿಬ್ಬಾದೇವಿ
ಜೇಮ್ಸ್ (ಕ)	4 ಪ್ರದರ್ಶನಗಳು
